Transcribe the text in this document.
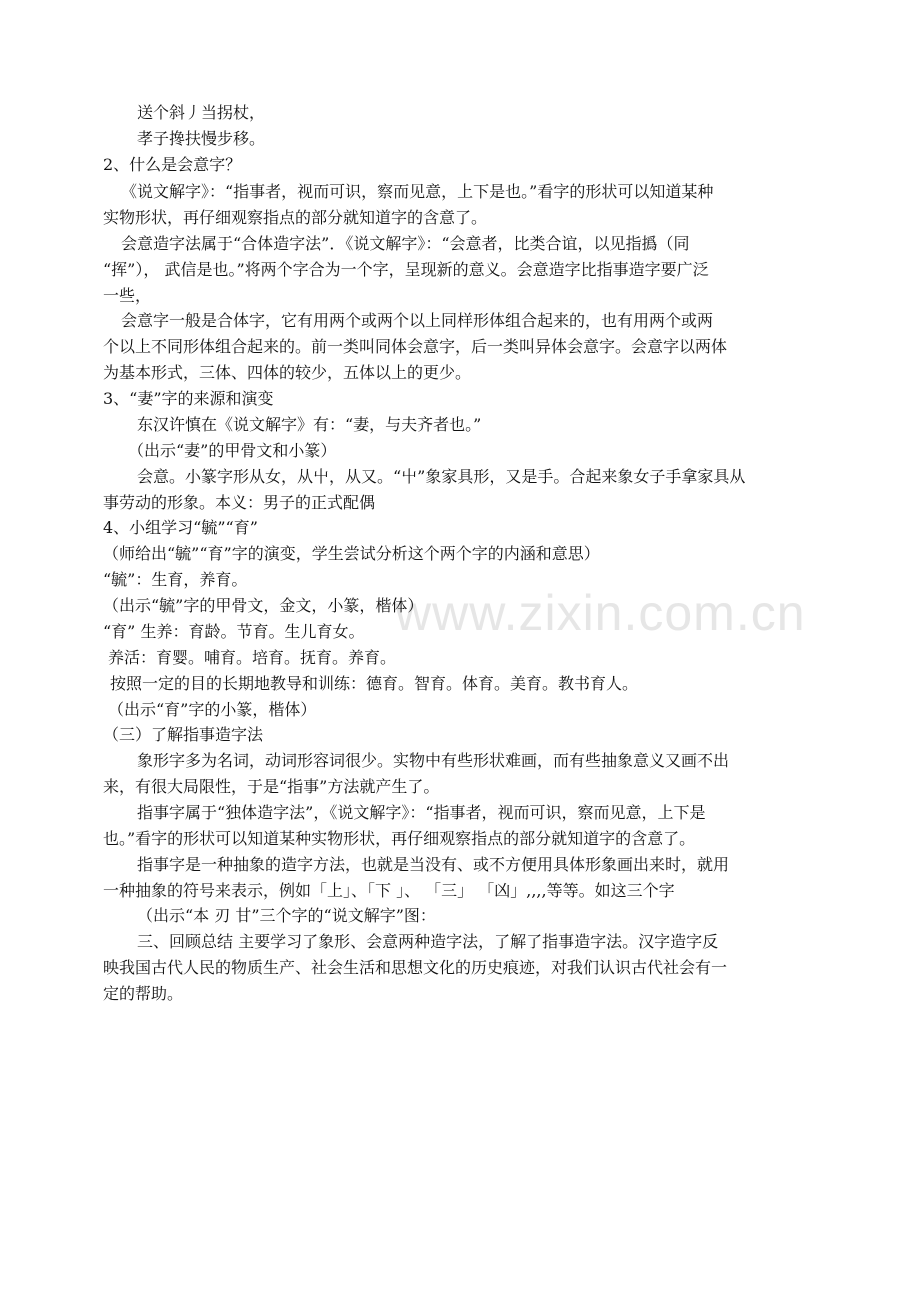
www.zixin.com.cn
送个斜丿当拐杖，
孝子搀扶慢步移。
2、什么是会意字？
《说文解字》：“指事者，视而可识，察而见意，上下是也。”看字的形状可以知道某种
实物形状，再仔细观察指点的部分就知道字的含意了。
会意造字法属于“合体造字法”．《说文解字》：“会意者，比类合谊，以见指撝（同
“挥”）， 武信是也。”将两个字合为一个字，呈现新的意义。会意造字比指事造字要广泛
一些，
会意字一般是合体字，它有用两个或两个以上同样形体组合起来的，也有用两个或两
个以上不同形体组合起来的。前一类叫同体会意字，后一类叫异体会意字。会意字以两体
为基本形式，三体、四体的较少，五体以上的更少。
3、“妻”字的来源和演变
东汉许慎在《说文解字》有：“妻，与夫齐者也。”
（出示“妻”的甲骨文和小篆）
会意。小篆字形从女，从屮，从又。“屮”象家具形，又是手。合起来象女子手拿家具从
事劳动的形象。本义：男子的正式配偶
4、小组学习“毓”“育”
（师给出“毓”“育”字的演变，学生尝试分析这个两个字的内涵和意思）
“毓”：生育，养育。
（出示“毓”字的甲骨文，金文，小篆，楷体）
“育” 生养：育龄。节育。生儿育女。
养活：育婴。哺育。培育。抚育。养育。
按照一定的目的长期地教导和训练：德育。智育。体育。美育。教书育人。
（出示“育”字的小篆，楷体）
（三）了解指事造字法
象形字多为名词，动词形容词很少。实物中有些形状难画，而有些抽象意义又画不出
来，有很大局限性，于是“指事”方法就产生了。
指事字属于“独体造字法”，《说文解字》：“指事者，视而可识，察而见意，上下是
也。”看字的形状可以知道某种实物形状，再仔细观察指点的部分就知道字的含意了。
指事字是一种抽象的造字方法，也就是当没有、或不方便用具体形象画出来时，就用
一种抽象的符号来表示，例如「上」、「下 」、 「三」 「凶」,,,,等等。如这三个字
（出示“本 刃 甘”三个字的“说文解字”图：
三、回顾总结 主要学习了象形、会意两种造字法，了解了指事造字法。汉字造字反
映我国古代人民的物质生产、社会生活和思想文化的历史痕迹，对我们认识古代社会有一
定的帮助。
